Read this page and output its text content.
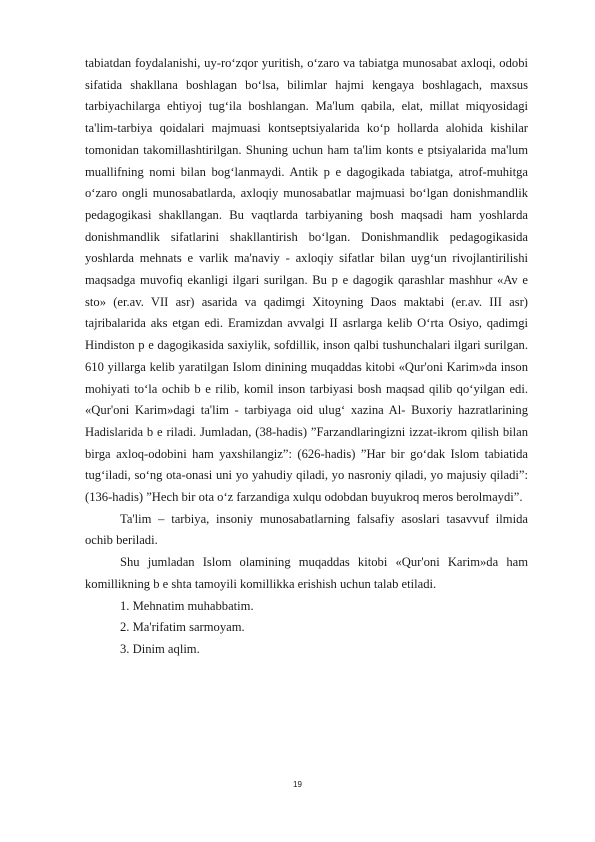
tabiatdan foydalanishi, uy-ro‘zqor yuritish, o‘zaro va tabiatga munosabat axloqi, odobi sifatida shakllana boshlagan bo‘lsa, bilimlar hajmi kengaya boshlagach, maxsus tarbiyachilarga ehtiyoj tug‘ila boshlangan. Ma'lum qabila, elat, millat miqyosidagi ta'lim-tarbiya qoidalari majmuasi kontseptsiyalarida ko‘p hollarda alohida kishilar tomonidan takomillashtirilgan. Shuning uchun ham ta'lim konts e ptsiyalarida ma'lum muallifning nomi bilan bog‘lanmaydi. Antik p e dagogikada tabiatga, atrof-muhitga o‘zaro ongli munosabatlarda, axloqiy munosabatlar majmuasi bo‘lgan donishmandlik pedagogikasi shakllangan. Bu vaqtlarda tarbiyaning bosh maqsadi ham yoshlarda donishmandlik sifatlarini shakllantirish bo‘lgan. Donishmandlik pedagogikasida yoshlarda mehnats e varlik ma'naviy - axloqiy sifatlar bilan uyg‘un rivojlantirilishi maqsadga muvofiq ekanligi ilgari surilgan. Bu p e dagogik qarashlar mashhur «Av e sto» (er.av. VII asr) asarida va qadimgi Xitoyning Daos maktabi (er.av. III asr) tajribalarida aks etgan edi. Eramizdan avvalgi II asrlarga kelib O‘rta Osiyo, qadimgi Hindiston p e dagogikasida saxiylik, sofdillik, inson qalbi tushunchalari ilgari surilgan. 610 yillarga kelib yaratilgan Islom dinining muqaddas kitobi «Qur'oni Karim»da inson mohiyati to‘la ochib b e rilib, komil inson tarbiyasi bosh maqsad qilib qo‘yilgan edi. «Qur'oni Karim»dagi ta'lim - tarbiyaga oid ulug‘ xazina Al- Buxoriy hazratlarining Hadislarida b e riladi. Jumladan, (38-hadis) ”Farzandlaringizni izzat-ikrom qilish bilan birga axloq-odobini ham yaxshilangiz”: (626-hadis) ”Har bir go‘dak Islom tabiatida tug‘iladi, so‘ng ota-onasi uni yo yahudiy qiladi, yo nasroniy qiladi, yo majusiy qiladi”: (136-hadis) ”Hech bir ota o‘z farzandiga xulqu odobdan buyukroq meros berolmaydi”.

Ta'lim – tarbiya, insoniy munosabatlarning falsafiy asoslari tasavvuf ilmida ochib beriladi.

Shu jumladan Islom olamining muqaddas kitobi «Qur'oni Karim»da ham komillikning b e shta tamoyili komillikka erishish uchun talab etiladi.

1. Mehnatim muhabbatim.

2. Ma'rifatim sarmoyam.

3. Dinim aqlim.

19
